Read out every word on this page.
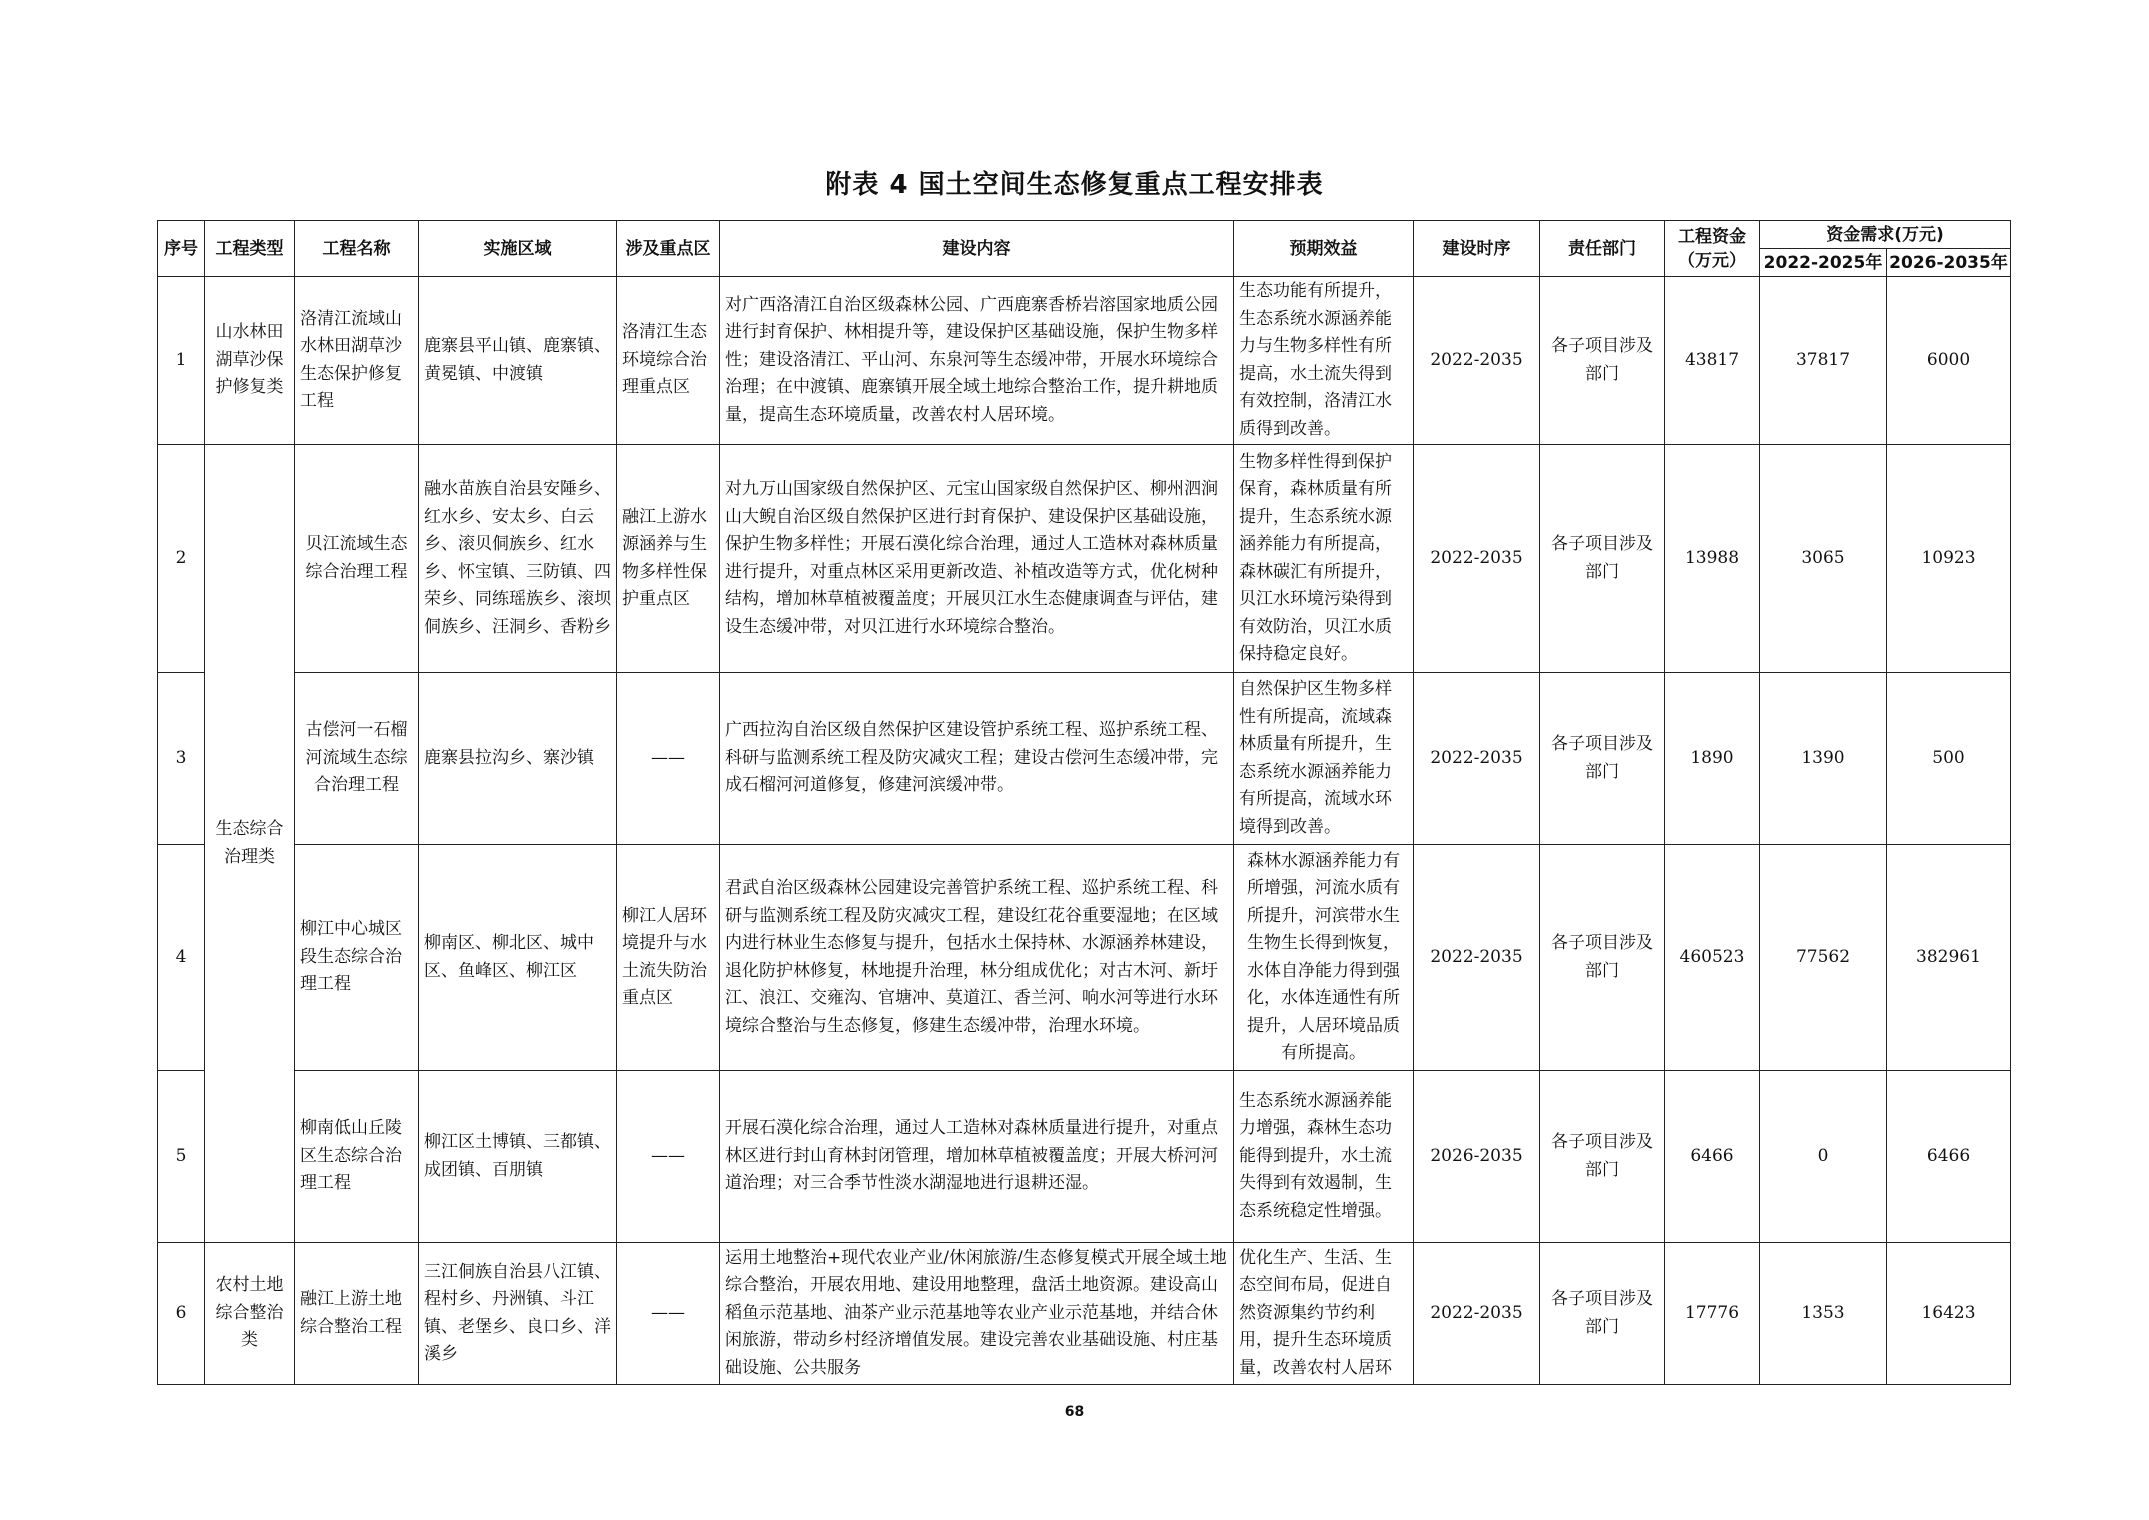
附表 4 国土空间生态修复重点工程安排表
序号	工程类型	工程名称	实施区域	涉及重点区	建设内容	预期效益	建设时序	责任部门	工程资金（万元）	资金需求(万元)	
										2022-2025年	2026-2035年
1	山水林田湖草沙保护修复类	洛清江流域山水林田湖草沙生态保护修复工程	鹿寨县平山镇、鹿寨镇、黄冕镇、中渡镇	洛清江生态环境综合治理重点区	对广西洛清江自治区级森林公园、广西鹿寨香桥岩溶国家地质公园进行封育保护、林相提升等，建设保护区基础设施，保护生物多样性；建设洛清江、平山河、东泉河等生态缓冲带，开展水环境综合治理；在中渡镇、鹿寨镇开展全域土地综合整治工作，提升耕地质量，提高生态环境质量，改善农村人居环境。	生态功能有所提升，生态系统水源涵养能力与生物多样性有所提高，水土流失得到有效控制，洛清江水质得到改善。	2022-2035	各子项目涉及部门	43817	37817	6000
2	生态综合治理类	贝江流域生态综合治理工程	融水苗族自治县安陲乡、红水乡、安太乡、白云乡、滚贝侗族乡、红水乡、怀宝镇、三防镇、四荣乡、同练瑶族乡、滚坝侗族乡、汪洞乡、香粉乡	融江上游水源涵养与生物多样性保护重点区	对九万山国家级自然保护区、元宝山国家级自然保护区、柳州泗涧山大鲵自治区级自然保护区进行封育保护、建设保护区基础设施，保护生物多样性；开展石漠化综合治理，通过人工造林对森林质量进行提升，对重点林区采用更新改造、补植改造等方式，优化树种结构，增加林草植被覆盖度；开展贝江水生态健康调查与评估，建设生态缓冲带，对贝江进行水环境综合整治。	生物多样性得到保护保育，森林质量有所提升，生态系统水源涵养能力有所提高，森林碳汇有所提升，贝江水环境污染得到有效防治，贝江水质保持稳定良好。	2022-2035	各子项目涉及部门	13988	3065	10923
3		古偿河一石榴河流域生态综合治理工程	鹿寨县拉沟乡、寨沙镇	——	广西拉沟自治区级自然保护区建设管护系统工程、巡护系统工程、科研与监测系统工程及防灾减灾工程；建设古偿河生态缓冲带，完成石榴河河道修复，修建河滨缓冲带。	自然保护区生物多样性有所提高，流域森林质量有所提升，生态系统水源涵养能力有所提高，流域水环境得到改善。	2022-2035	各子项目涉及部门	1890	1390	500
4		柳江中心城区段生态综合治理工程	柳南区、柳北区、城中区、鱼峰区、柳江区	柳江人居环境提升与水土流失防治重点区	君武自治区级森林公园建设完善管护系统工程、巡护系统工程、科研与监测系统工程及防灾减灾工程，建设红花谷重要湿地；在区域内进行林业生态修复与提升，包括水土保持林、水源涵养林建设，退化防护林修复，林地提升治理，林分组成优化；对古木河、新圩江、浪江、交雍沟、官塘冲、莫道江、香兰河、响水河等进行水环境综合整治与生态修复，修建生态缓冲带，治理水环境。	森林水源涵养能力有所增强，河流水质有所提升，河滨带水生生物生长得到恢复，水体自净能力得到强化，水体连通性有所提升，人居环境品质有所提高。	2022-2035	各子项目涉及部门	460523	77562	382961
5		柳南低山丘陵区生态综合治理工程	柳江区土博镇、三都镇、成团镇、百朋镇	——	开展石漠化综合治理，通过人工造林对森林质量进行提升，对重点林区进行封山育林封闭管理，增加林草植被覆盖度；开展大桥河河道治理；对三合季节性淡水湖湿地进行退耕还湿。	生态系统水源涵养能力增强，森林生态功能得到提升，水土流失得到有效遏制，生态系统稳定性增强。	2026-2035	各子项目涉及部门	6466	0	6466
6	农村土地综合整治类	融江上游土地综合整治工程	三江侗族自治县八江镇、程村乡、丹洲镇、斗江镇、老堡乡、良口乡、洋溪乡	——	运用土地整治+现代农业产业/休闲旅游/生态修复模式开展全域土地综合整治，开展农用地、建设用地整理，盘活土地资源。建设高山稻鱼示范基地、油茶产业示范基地等农业产业示范基地，并结合休闲旅游，带动乡村经济增值发展。建设完善农业基础设施、村庄基础设施、公共服务	优化生产、生活、生态空间布局，促进自然资源集约节约利用，提升生态环境质量，改善农村人居环	2022-2035	各子项目涉及部门	17776	1353	16423
68
